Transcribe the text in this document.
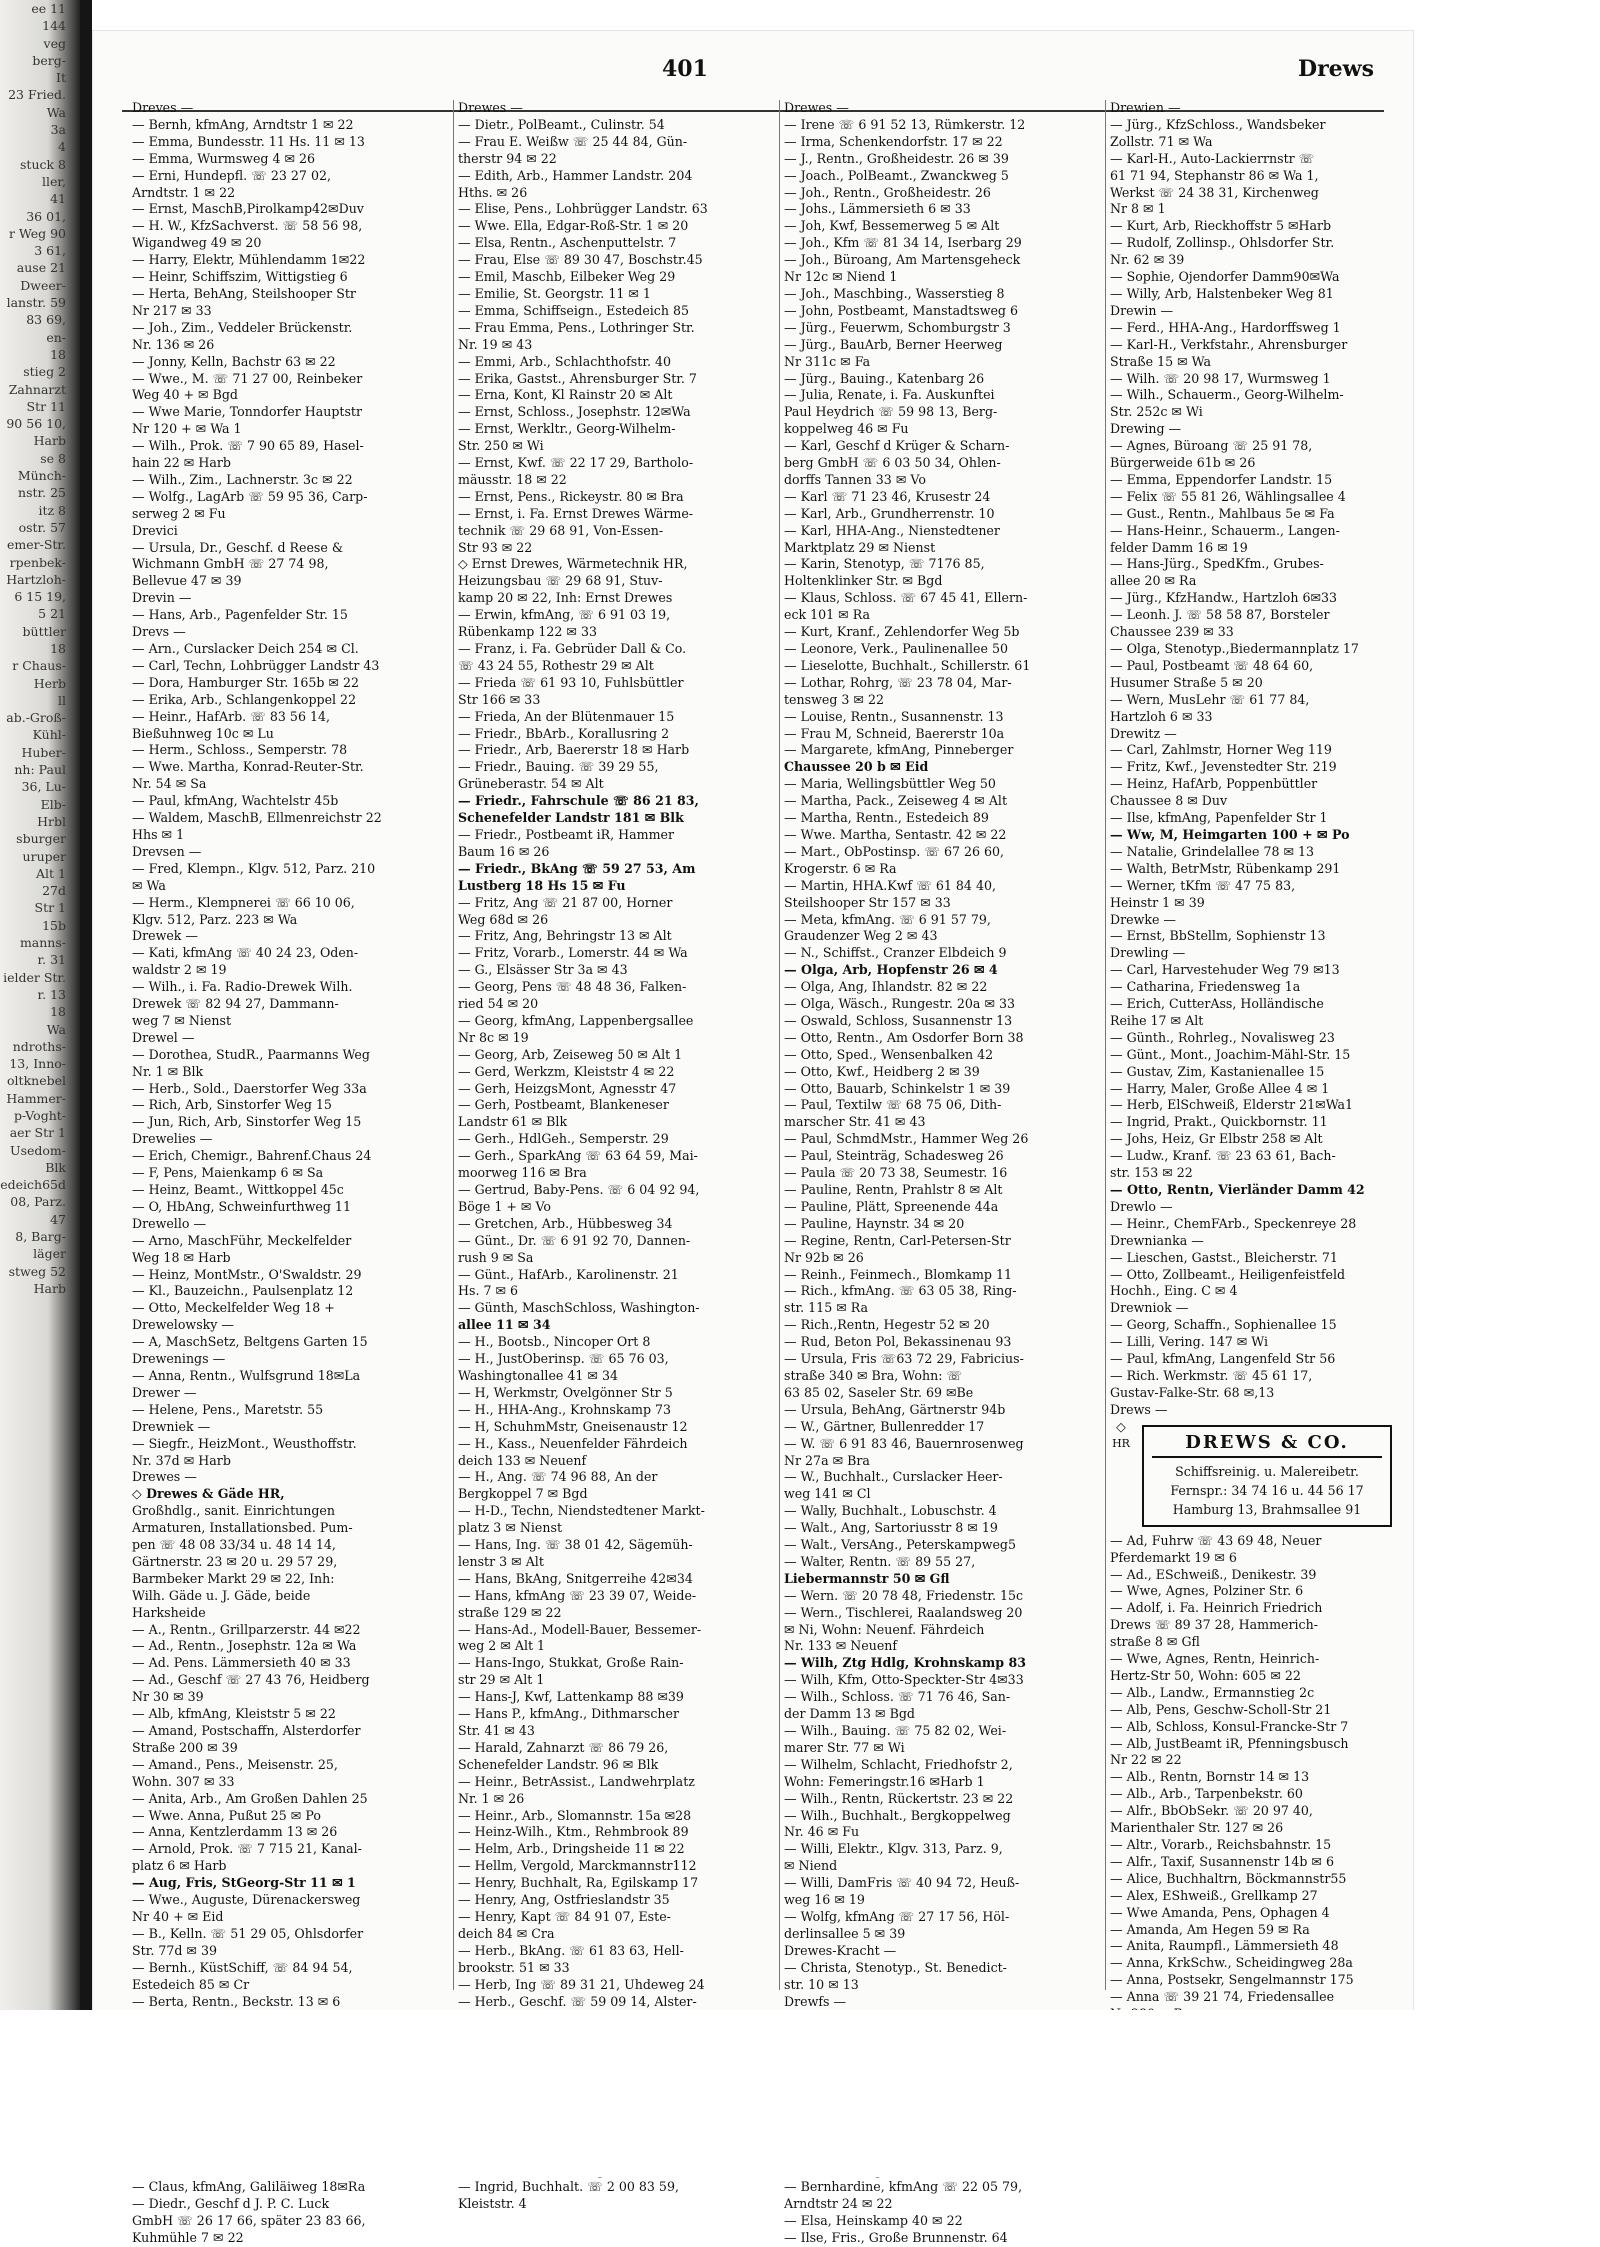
ee 11
144
veg
berg-
It
23 Fried.
Wa
3a
4
stuck 8
ller,
41
36 01,
r Weg 90
3 61,
ause 21
Dweer-
lanstr. 59
83 69,
en-
18
stieg 2
Zahnarzt
Str 11
90 56 10,
Harb
se 8
Münch-
nstr. 25
itz 8
ostr. 57
emer-Str.
rpenbek-
Hartzloh-
6 15 19,
5 21
büttler
18
r Chaus-
Herb
ll
ab.-Groß-
Kühl-
Huber-
nh: Paul
36, Lu-
Elb-
Hrbl
sburger
uruper
Alt 1
27d
Str 1
15b
manns-
r. 31
ielder Str.
r. 13
18
Wa
ndroths-
13, Inno-
oltknebel
Hammer-
p-Voght-
aer Str 1
Usedom-
Blk
edeich65d
08, Parz.
47
8, Barg-
läger
stweg 52
Harb
401	Drews
Dreves —
— Bernh, kfmAng, Arndtstr 1 ✉ 22
— Emma, Bundesstr. 11 Hs. 11 ✉ 13
— Emma, Wurmsweg 4 ✉ 26
— Erni, Hundepfl. ☏ 23 27 02,
Arndtstr. 1 ✉ 22
— Ernst, MaschB,Pirolkamp42✉Duv
— H. W., KfzSachverst. ☏ 58 56 98,
Wigandweg 49 ✉ 20
— Harry, Elektr, Mühlendamm 1✉22
— Heinr, Schiffszim, Wittigstieg 6
— Herta, BehAng, Steilshooper Str
Nr 217 ✉ 33
— Joh., Zim., Veddeler Brückenstr.
Nr. 136 ✉ 26
— Jonny, Kelln, Bachstr 63 ✉ 22
— Wwe., M. ☏ 71 27 00, Reinbeker
Weg 40 + ✉ Bgd
— Wwe Marie, Tonndorfer Hauptstr
Nr 120 + ✉ Wa 1
— Wilh., Prok. ☏ 7 90 65 89, Hasel-
hain 22 ✉ Harb
— Wilh., Zim., Lachnerstr. 3c ✉ 22
— Wolfg., LagArb ☏ 59 95 36, Carp-
serweg 2 ✉ Fu
Drevici
— Ursula, Dr., Geschf. d Reese &
Wichmann GmbH ☏ 27 74 98,
Bellevue 47 ✉ 39
Drevin —
— Hans, Arb., Pagenfelder Str. 15
Drevs —
— Arn., Curslacker Deich 254 ✉ Cl.
— Carl, Techn, Lohbrügger Landstr 43
— Dora, Hamburger Str. 165b ✉ 22
— Erika, Arb., Schlangenkoppel 22
— Heinr., HafArb. ☏ 83 56 14,
Bießuhnweg 10c ✉ Lu
— Herm., Schloss., Semperstr. 78
— Wwe. Martha, Konrad-Reuter-Str.
Nr. 54 ✉ Sa
— Paul, kfmAng, Wachtelstr 45b
— Waldem, MaschB, Ellmenreichstr 22
Hhs ✉ 1
Drevsen —
— Fred, Klempn., Klgv. 512, Parz. 210
✉ Wa
— Herm., Klempnerei ☏ 66 10 06,
Klgv. 512, Parz. 223 ✉ Wa
Drewek —
— Kati, kfmAng ☏ 40 24 23, Oden-
waldstr 2 ✉ 19
— Wilh., i. Fa. Radio-Drewek Wilh.
Drewek ☏ 82 94 27, Dammann-
weg 7 ✉ Nienst
Drewel —
— Dorothea, StudR., Paarmanns Weg
Nr. 1 ✉ Blk
— Herb., Sold., Daerstorfer Weg 33a
— Rich, Arb, Sinstorfer Weg 15
— Jun, Rich, Arb, Sinstorfer Weg 15
Drewelies —
— Erich, Chemigr., Bahrenf.Chaus 24
— F, Pens, Maienkamp 6 ✉ Sa
— Heinz, Beamt., Wittkoppel 45c
— O, HbAng, Schweinfurthweg 11
Drewello —
— Arno, MaschFühr, Meckelfelder
Weg 18 ✉ Harb
— Heinz, MontMstr., O'Swaldstr. 29
— Kl., Bauzeichn., Paulsenplatz 12
— Otto, Meckelfelder Weg 18 +
Drewelowsky —
— A, MaschSetz, Beltgens Garten 15
Drewenings —
— Anna, Rentn., Wulfsgrund 18✉La
Drewer —
— Helene, Pens., Maretstr. 55
Drewniek —
— Siegfr., HeizMont., Weusthoffstr.
Nr. 37d ✉ Harb
Drewes —
◇ Drewes & Gäde HR,
Großhdlg., sanit. Einrichtungen
Armaturen, Installationsbed. Pum-
pen ☏ 48 08 33/34 u. 48 14 14,
Gärtnerstr. 23 ✉ 20 u. 29 57 29,
Barmbeker Markt 29 ✉ 22, Inh:
Wilh. Gäde u. J. Gäde, beide
Harksheide
— A., Rentn., Grillparzerstr. 44 ✉22
— Ad., Rentn., Josephstr. 12a ✉ Wa
— Ad. Pens. Lämmersieth 40 ✉ 33
— Ad., Geschf ☏ 27 43 76, Heidberg
Nr 30 ✉ 39
— Alb, kfmAng, Kleiststr 5 ✉ 22
— Amand, Postschaffn, Alsterdorfer
Straße 200 ✉ 39
— Amand., Pens., Meisenstr. 25,
Wohn. 307 ✉ 33
— Anita, Arb., Am Großen Dahlen 25
— Wwe. Anna, Pußut 25 ✉ Po
— Anna, Kentzlerdamm 13 ✉ 26
— Arnold, Prok. ☏ 7 715 21, Kanal-
platz 6 ✉ Harb
— Aug, Fris, StGeorg-Str 11 ✉ 1
— Wwe., Auguste, Dürenackersweg
Nr 40 + ✉ Eid
— B., Kelln. ☏ 51 29 05, Ohlsdorfer
Str. 77d ✉ 39
— Bernh., KüstSchiff, ☏ 84 94 54,
Estedeich 85 ✉ Cr
— Berta, Rentn., Beckstr. 13 ✉ 6
— Claus, kfmAng, Galiläiweg 18✉Ra
— Diedr., Geschf d J. P. C. Luck
GmbH ☏ 26 17 66, später 23 83 66,
Kuhmühle 7 ✉ 22
Drewes —
— Dietr., PolBeamt., Culinstr. 54
— Frau E. Weißw ☏ 25 44 84, Gün-
therstr 94 ✉ 22
— Edith, Arb., Hammer Landstr. 204
Hths. ✉ 26
— Elise, Pens., Lohbrügger Landstr. 63
— Wwe. Ella, Edgar-Roß-Str. 1 ✉ 20
— Elsa, Rentn., Aschenputtelstr. 7
— Frau, Else ☏ 89 30 47, Boschstr.45
— Emil, Maschb, Eilbeker Weg 29
— Emilie, St. Georgstr. 11 ✉ 1
— Emma, Schiffseign., Estedeich 85
— Frau Emma, Pens., Lothringer Str.
Nr. 19 ✉ 43
— Emmi, Arb., Schlachthofstr. 40
— Erika, Gastst., Ahrensburger Str. 7
— Erna, Kont, Kl Rainstr 20 ✉ Alt
— Ernst, Schloss., Josephstr. 12✉Wa
— Ernst, Werkltr., Georg-Wilhelm-
Str. 250 ✉ Wi
— Ernst, Kwf. ☏ 22 17 29, Bartholo-
mäusstr. 18 ✉ 22
— Ernst, Pens., Rickeystr. 80 ✉ Bra
— Ernst, i. Fa. Ernst Drewes Wärme-
technik ☏ 29 68 91, Von-Essen-
Str 93 ✉ 22
◇ Ernst Drewes, Wärmetechnik HR,
Heizungsbau ☏ 29 68 91, Stuv-
kamp 20 ✉ 22, Inh: Ernst Drewes
— Erwin, kfmAng, ☏ 6 91 03 19,
Rübenkamp 122 ✉ 33
— Franz, i. Fa. Gebrüder Dall & Co.
☏ 43 24 55, Rothestr 29 ✉ Alt
— Frieda ☏ 61 93 10, Fuhlsbüttler
Str 166 ✉ 33
— Frieda, An der Blütenmauer 15
— Friedr., BbArb., Korallusring 2
— Friedr., Arb, Baererstr 18 ✉ Harb
— Friedr., Bauing. ☏ 39 29 55,
Grüneberastr. 54 ✉ Alt
— Friedr., Fahrschule ☏ 86 21 83,
Schenefelder Landstr 181 ✉ Blk
— Friedr., Postbeamt iR, Hammer
Baum 16 ✉ 26
— Friedr., BkAng ☏ 59 27 53, Am
Lustberg 18 Hs 15 ✉ Fu
— Fritz, Ang ☏ 21 87 00, Horner
Weg 68d ✉ 26
— Fritz, Ang, Behringstr 13 ✉ Alt
— Fritz, Vorarb., Lomerstr. 44 ✉ Wa
— G., Elsässer Str 3a ✉ 43
— Georg, Pens ☏ 48 48 36, Falken-
ried 54 ✉ 20
— Georg, kfmAng, Lappenbergsallee
Nr 8c ✉ 19
— Georg, Arb, Zeiseweg 50 ✉ Alt 1
— Gerd, Werkzm, Kleiststr 4 ✉ 22
— Gerh, HeizgsMont, Agnesstr 47
— Gerh, Postbeamt, Blankeneser
Landstr 61 ✉ Blk
— Gerh., HdlGeh., Semperstr. 29
— Gerh., SparkAng ☏ 63 64 59, Mai-
moorweg 116 ✉ Bra
— Gertrud, Baby-Pens. ☏ 6 04 92 94,
Böge 1 + ✉ Vo
— Gretchen, Arb., Hübbesweg 34
— Günt., Dr. ☏ 6 91 92 70, Dannen-
rush 9 ✉ Sa
— Günt., HafArb., Karolinenstr. 21
Hs. 7 ✉ 6
— Günth, MaschSchloss, Washington-
allee 11 ✉ 34
— H., Bootsb., Nincoper Ort 8
— H., JustOberinsp. ☏ 65 76 03,
Washingtonallee 41 ✉ 34
— H, Werkmstr, Ovelgönner Str 5
— H., HHA-Ang., Krohnskamp 73
— H, SchuhmMstr, Gneisenaustr 12
— H., Kass., Neuenfelder Fährdeich
deich 133 ✉ Neuenf
— H., Ang. ☏ 74 96 88, An der
Bergkoppel 7 ✉ Bgd
— H-D., Techn, Niendstedtener Markt-
platz 3 ✉ Nienst
— Hans, Ing. ☏ 38 01 42, Sägemüh-
lenstr 3 ✉ Alt
— Hans, BkAng, Snitgerreihe 42✉34
— Hans, kfmAng ☏ 23 39 07, Weide-
straße 129 ✉ 22
— Hans-Ad., Modell-Bauer, Bessemer-
weg 2 ✉ Alt 1
— Hans-Ingo, Stukkat, Große Rain-
str 29 ✉ Alt 1
— Hans-J, Kwf, Lattenkamp 88 ✉39
— Hans P., kfmAng., Dithmarscher
Str. 41 ✉ 43
— Harald, Zahnarzt ☏ 86 79 26,
Schenefelder Landstr. 96 ✉ Blk
— Heinr., BetrAssist., Landwehrplatz
Nr. 1 ✉ 26
— Heinr., Arb., Slomannstr. 15a ✉28
— Heinz-Wilh., Ktm., Rehmbrook 89
— Helm, Arb., Dringsheide 11 ✉ 22
— Hellm, Vergold, Marckmannstr112
— Henry, Buchhalt, Ra, Egilskamp 17
— Henry, Ang, Ostfrieslandstr 35
— Henry, Kapt ☏ 84 91 07, Este-
deich 84 ✉ Cra
— Herb., BkAng. ☏ 61 83 63, Hell-
brookstr. 51 ✉ 33
— Herb, Ing ☏ 89 31 21, Uhdeweg 24
— Herb., Geschf. ☏ 59 09 14, Alster-
— Ingrid, Buchhalt. ☏ 2 00 83 59,
Kleiststr. 4
Drewes —
— Irene ☏ 6 91 52 13, Rümkerstr. 12
— Irma, Schenkendorfstr. 17 ✉ 22
— J., Rentn., Großheidestr. 26 ✉ 39
— Joach., PolBeamt., Zwanckweg 5
— Joh., Rentn., Großheidestr. 26
— Johs., Lämmersieth 6 ✉ 33
— Joh, Kwf, Bessemerweg 5 ✉ Alt
— Joh., Kfm ☏ 81 34 14, Iserbarg 29
— Joh., Büroang, Am Martensgeheck
Nr 12c ✉ Niend 1
— Joh., Maschbing., Wasserstieg 8
— John, Postbeamt, Manstadtsweg 6
— Jürg., Feuerwm, Schomburgstr 3
— Jürg., BauArb, Berner Heerweg
Nr 311c ✉ Fa
— Jürg., Bauing., Katenbarg 26
— Julia, Renate, i. Fa. Auskunftei
Paul Heydrich ☏ 59 98 13, Berg-
koppelweg 46 ✉ Fu
— Karl, Geschf d Krüger & Scharn-
berg GmbH ☏ 6 03 50 34, Ohlen-
dorffs Tannen 33 ✉ Vo
— Karl ☏ 71 23 46, Krusestr 24
— Karl, Arb., Grundherrenstr. 10
— Karl, HHA-Ang., Nienstedtener
Marktplatz 29 ✉ Nienst
— Karin, Stenotyp, ☏ 7176 85,
Holtenklinker Str. ✉ Bgd
— Klaus, Schloss. ☏ 67 45 41, Ellern-
eck 101 ✉ Ra
— Kurt, Kranf., Zehlendorfer Weg 5b
— Leonore, Verk., Paulinenallee 50
— Lieselotte, Buchhalt., Schillerstr. 61
— Lothar, Rohrg, ☏ 23 78 04, Mar-
tensweg 3 ✉ 22
— Louise, Rentn., Susannenstr. 13
— Frau M, Schneid, Baererstr 10a
— Margarete, kfmAng, Pinneberger
Chaussee 20 b ✉ Eid
— Maria, Wellingsbüttler Weg 50
— Martha, Pack., Zeiseweg 4 ✉ Alt
— Martha, Rentn., Estedeich 89
— Wwe. Martha, Sentastr. 42 ✉ 22
— Mart., ObPostinsp. ☏ 67 26 60,
Krogerstr. 6 ✉ Ra
— Martin, HHA.Kwf ☏ 61 84 40,
Steilshooper Str 157 ✉ 33
— Meta, kfmAng. ☏ 6 91 57 79,
Graudenzer Weg 2 ✉ 43
— N., Schiffst., Cranzer Elbdeich 9
— Olga, Arb, Hopfenstr 26 ✉ 4
— Olga, Ang, Ihlandstr. 82 ✉ 22
— Olga, Wäsch., Rungestr. 20a ✉ 33
— Oswald, Schloss, Susannenstr 13
— Otto, Rentn., Am Osdorfer Born 38
— Otto, Sped., Wensenbalken 42
— Otto, Kwf., Heidberg 2 ✉ 39
— Otto, Bauarb, Schinkelstr 1 ✉ 39
— Paul, Textilw ☏ 68 75 06, Dith-
marscher Str. 41 ✉ 43
— Paul, SchmdMstr., Hammer Weg 26
— Paul, Steinträg, Schadesweg 26
— Paula ☏ 20 73 38, Seumestr. 16
— Pauline, Rentn, Prahlstr 8 ✉ Alt
— Pauline, Plätt, Spreenende 44a
— Pauline, Haynstr. 34 ✉ 20
— Regine, Rentn, Carl-Petersen-Str
Nr 92b ✉ 26
— Reinh., Feinmech., Blomkamp 11
— Rich., kfmAng. ☏ 63 05 38, Ring-
str. 115 ✉ Ra
— Rich.,Rentn, Hegestr 52 ✉ 20
— Rud, Beton Pol, Bekassinenau 93
— Ursula, Fris ☏63 72 29, Fabricius-
straße 340 ✉ Bra, Wohn: ☏
63 85 02, Saseler Str. 69 ✉Be
— Ursula, BehAng, Gärtnerstr 94b
— W., Gärtner, Bullenredder 17
— W. ☏ 6 91 83 46, Bauernrosenweg
Nr 27a ✉ Bra
— W., Buchhalt., Curslacker Heer-
weg 141 ✉ Cl
— Wally, Buchhalt., Lobuschstr. 4
— Walt., Ang, Sartoriusstr 8 ✉ 19
— Walt., VersAng., Peterskampweg5
— Walter, Rentn. ☏ 89 55 27,
Liebermannstr 50 ✉ Gfl
— Wern. ☏ 20 78 48, Friedenstr. 15c
— Wern., Tischlerei, Raalandsweg 20
✉ Ni, Wohn: Neuenf. Fährdeich
Nr. 133 ✉ Neuenf
— Wilh, Ztg Hdlg, Krohnskamp 83
— Wilh, Kfm, Otto-Speckter-Str 4✉33
— Wilh., Schloss. ☏ 71 76 46, San-
der Damm 13 ✉ Bgd
— Wilh., Bauing. ☏ 75 82 02, Wei-
marer Str. 77 ✉ Wi
— Wilhelm, Schlacht, Friedhofstr 2,
Wohn: Femeringstr.16 ✉Harb 1
— Wilh., Rentn, Rückertstr. 23 ✉ 22
— Wilh., Buchhalt., Bergkoppelweg
Nr. 46 ✉ Fu
— Willi, Elektr., Klgv. 313, Parz. 9,
✉ Niend
— Willi, DamFris ☏ 40 94 72, Heuß-
weg 16 ✉ 19
— Wolfg, kfmAng ☏ 27 17 56, Höl-
derlinsallee 5 ✉ 39
Drewes-Kracht —
— Christa, Stenotyp., St. Benedict-
str. 10 ✉ 13
Drewfs —
— Bernhardine, kfmAng ☏ 22 05 79,
Arndtstr 24 ✉ 22
— Elsa, Heinskamp 40 ✉ 22
— Ilse, Fris., Große Brunnenstr. 64
Drewien —
— Jürg., KfzSchloss., Wandsbeker
Zollstr. 71 ✉ Wa
— Karl-H., Auto-Lackierrnstr ☏
61 71 94, Stephanstr 86 ✉ Wa 1,
Werkst ☏ 24 38 31, Kirchenweg
Nr 8 ✉ 1
— Kurt, Arb, Rieckhoffstr 5 ✉Harb
— Rudolf, Zollinsp., Ohlsdorfer Str.
Nr. 62 ✉ 39
— Sophie, Ojendorfer Damm90✉Wa
— Willy, Arb, Halstenbeker Weg 81
Drewin —
— Ferd., HHA-Ang., Hardorffsweg 1
— Karl-H., Verkfstahr., Ahrensburger
Straße 15 ✉ Wa
— Wilh. ☏ 20 98 17, Wurmsweg 1
— Wilh., Schauerm., Georg-Wilhelm-
Str. 252c ✉ Wi
Drewing —
— Agnes, Büroang ☏ 25 91 78,
Bürgerweide 61b ✉ 26
— Emma, Eppendorfer Landstr. 15
— Felix ☏ 55 81 26, Wählingsallee 4
— Gust., Rentn., Mahlbaus 5e ✉ Fa
— Hans-Heinr., Schauerm., Langen-
felder Damm 16 ✉ 19
— Hans-Jürg., SpedKfm., Grubes-
allee 20 ✉ Ra
— Jürg., KfzHandw., Hartzloh 6✉33
— Leonh. J. ☏ 58 58 87, Borsteler
Chaussee 239 ✉ 33
— Olga, Stenotyp.,Biedermannplatz 17
— Paul, Postbeamt ☏ 48 64 60,
Husumer Straße 5 ✉ 20
— Wern, MusLehr ☏ 61 77 84,
Hartzloh 6 ✉ 33
Drewitz —
— Carl, Zahlmstr, Horner Weg 119
— Fritz, Kwf., Jevenstedter Str. 219
— Heinz, HafArb, Poppenbüttler
Chaussee 8 ✉ Duv
— Ilse, kfmAng, Papenfelder Str 1
— Ww, M, Heimgarten 100 + ✉ Po
— Natalie, Grindelallee 78 ✉ 13
— Walth, BetrMstr, Rübenkamp 291
— Werner, tKfm ☏ 47 75 83,
Heinstr 1 ✉ 39
Drewke —
— Ernst, BbStellm, Sophienstr 13
Drewling —
— Carl, Harvestehuder Weg 79 ✉13
— Catharina, Friedensweg 1a
— Erich, CutterAss, Holländische
Reihe 17 ✉ Alt
— Günth., Rohrleg., Novalisweg 23
— Günt., Mont., Joachim-Mähl-Str. 15
— Gustav, Zim, Kastanienallee 15
— Harry, Maler, Große Allee 4 ✉ 1
— Herb, ElSchweiß, Elderstr 21✉Wa1
— Ingrid, Prakt., Quickbornstr. 11
— Johs, Heiz, Gr Elbstr 258 ✉ Alt
— Ludw., Kranf. ☏ 23 63 61, Bach-
str. 153 ✉ 22
— Otto, Rentn, Vierländer Damm 42
Drewlo —
— Heinr., ChemFArb., Speckenreye 28
Drewnianka —
— Lieschen, Gastst., Bleicherstr. 71
— Otto, Zollbeamt., Heiligenfeistfeld
Hochh., Eing. C ✉ 4
Drewniok —
— Georg, Schaffn., Sophienallee 15
— Lilli, Vering. 147 ✉ Wi
— Paul, kfmAng, Langenfeld Str 56
— Rich. Werkmstr. ☏ 45 61 17,
Gustav-Falke-Str. 68 ✉,13
Drews —
◇
HR	DREWS & CO.
Schiffsreinig. u. Malereibetr.
Fernspr.: 34 74 16 u. 44 56 17
Hamburg 13, Brahmsallee 91
— Ad, Fuhrw ☏ 43 69 48, Neuer
Pferdemarkt 19 ✉ 6
— Ad., ESchweiß., Denikestr. 39
— Wwe, Agnes, Polziner Str. 6
— Adolf, i. Fa. Heinrich Friedrich
Drews ☏ 89 37 28, Hammerich-
straße 8 ✉ Gfl
— Wwe, Agnes, Rentn, Heinrich-
Hertz-Str 50, Wohn: 605 ✉ 22
— Alb., Landw., Ermannstieg 2c
— Alb, Pens, Geschw-Scholl-Str 21
— Alb, Schloss, Konsul-Francke-Str 7
— Alb, JustBeamt iR, Pfenningsbusch
Nr 22 ✉ 22
— Alb., Rentn, Bornstr 14 ✉ 13
— Alb., Arb., Tarpenbekstr. 60
— Alfr., BbObSekr. ☏ 20 97 40,
Marienthaler Str. 127 ✉ 26
— Altr., Vorarb., Reichsbahnstr. 15
— Alfr., Taxif, Susannenstr 14b ✉ 6
— Alice, Buchhaltrn, Böckmannstr55
— Alex, EShweiß., Grellkamp 27
— Wwe Amanda, Pens, Ophagen 4
— Amanda, Am Hegen 59 ✉ Ra
— Anita, Raumpfl., Lämmersieth 48
— Anna, KrkSchw., Scheidingweg 28a
— Anna, Postsekr, Sengelmannstr 175
— Anna ☏ 39 21 74, Friedensallee
